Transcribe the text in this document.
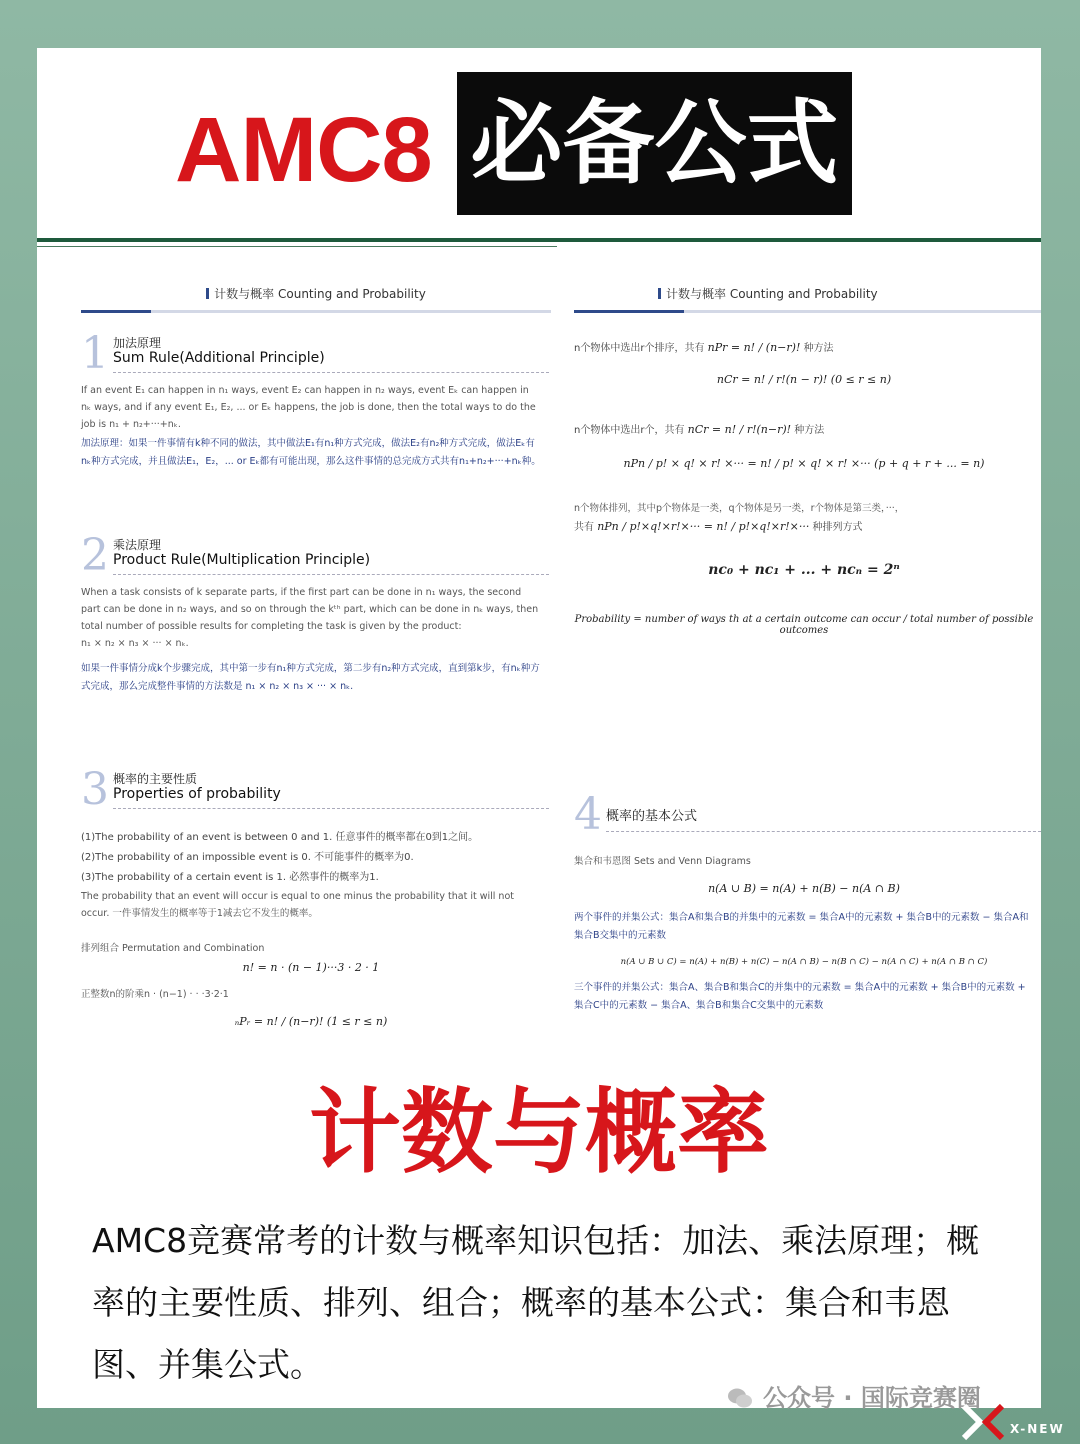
AMC8 必备公式
计数与概率 Counting and Probability
1 加法原理
Sum Rule(Additional Principle)

If an event E₁ can happen in n₁ ways, event E₂ can happen in n₂ ways, event Eₖ can happen in nₖ ways, and if any event E₁, E₂, ... or Eₖ happens, the job is done, then the total ways to do the job is n₁ + n₂+···+nₖ.

加法原理：如果一件事情有k种不同的做法，其中做法E₁有n₁种方式完成，做法E₂有n₂种方式完成，做法Eₖ有nₖ种方式完成，并且做法E₁，E₂，... or Eₖ都有可能出现，那么这件事情的总完成方式共有n₁+n₂+···+nₖ种。

2 乘法原理
Product Rule(Multiplication Principle)

When a task consists of k separate parts, if the first part can be done in n₁ ways, the second part can be done in n₂ ways, and so on through the kᵗʰ part, which can be done in nₖ ways, then total number of possible results for completing the task is given by the product:

n₁ × n₂ × n₃ × ··· × nₖ.

如果一件事情分成k个步骤完成，其中第一步有n₁种方式完成，第二步有n₂种方式完成，直到第k步，有nₖ种方式完成，那么完成整件事情的方法数是 n₁ × n₂ × n₃ × ··· × nₖ.

3 概率的主要性质
Properties of probability

(1)The probability of an event is between 0 and 1. 任意事件的概率都在0到1之间。

(2)The probability of an impossible event is 0. 不可能事件的概率为0.

(3)The probability of a certain event is 1. 必然事件的概率为1.

The probability that an event will occur is equal to one minus the probability that it will not occur. 一件事情发生的概率等于1减去它不发生的概率。

排列组合 Permutation and Combination

n! = n · (n − 1)···3 · 2 · 1

正整数n的阶乘n · (n−1) · · ·3·2·1

ₙPᵣ = n! / (n−r)! (1 ≤ r ≤ n)

计数与概率 Counting and Probability

n个物体中选出r个排序，共有 nPr = n! / (n−r)! 种方法

nCr = n! / r!(n − r)! (0 ≤ r ≤ n)

n个物体中选出r个，共有 nCr = n! / r!(n−r)! 种方法

nPn / p! × q! × r! ×··· = n! / p! × q! × r! ×··· (p + q + r + ... = n)

n个物体排列，其中p个物体是一类，q个物体是另一类，r个物体是第三类，···，

共有 nPn / p!×q!×r!×··· = n! / p!×q!×r!×··· 种排列方式

nc₀ + nc₁ + ... + ncₙ = 2ⁿ

Probability = number of ways th at a certain outcome can occur / total number of possible outcomes

4 概率的基本公式

集合和韦恩图 Sets and Venn Diagrams

n(A ∪ B) = n(A) + n(B) − n(A ∩ B)

两个事件的并集公式：集合A和集合B的并集中的元素数 = 集合A中的元素数 + 集合B中的元素数 − 集合A和集合B交集中的元素数

n(A ∪ B ∪ C) = n(A) + n(B) + n(C) − n(A ∩ B) − n(B ∩ C) − n(A ∩ C) + n(A ∩ B ∩ C)

三个事件的并集公式：集合A、集合B和集合C的并集中的元素数 = 集合A中的元素数 + 集合B中的元素数 + 集合C中的元素数 − 集合A、集合B和集合C交集中的元素数

计数与概率
AMC8竞赛常考的计数与概率知识包括：加法、乘法原理；概率的主要性质、排列、组合；概率的基本公式：集合和韦恩图、并集公式。
公众号 · 国际竞赛圈
X-NEW
